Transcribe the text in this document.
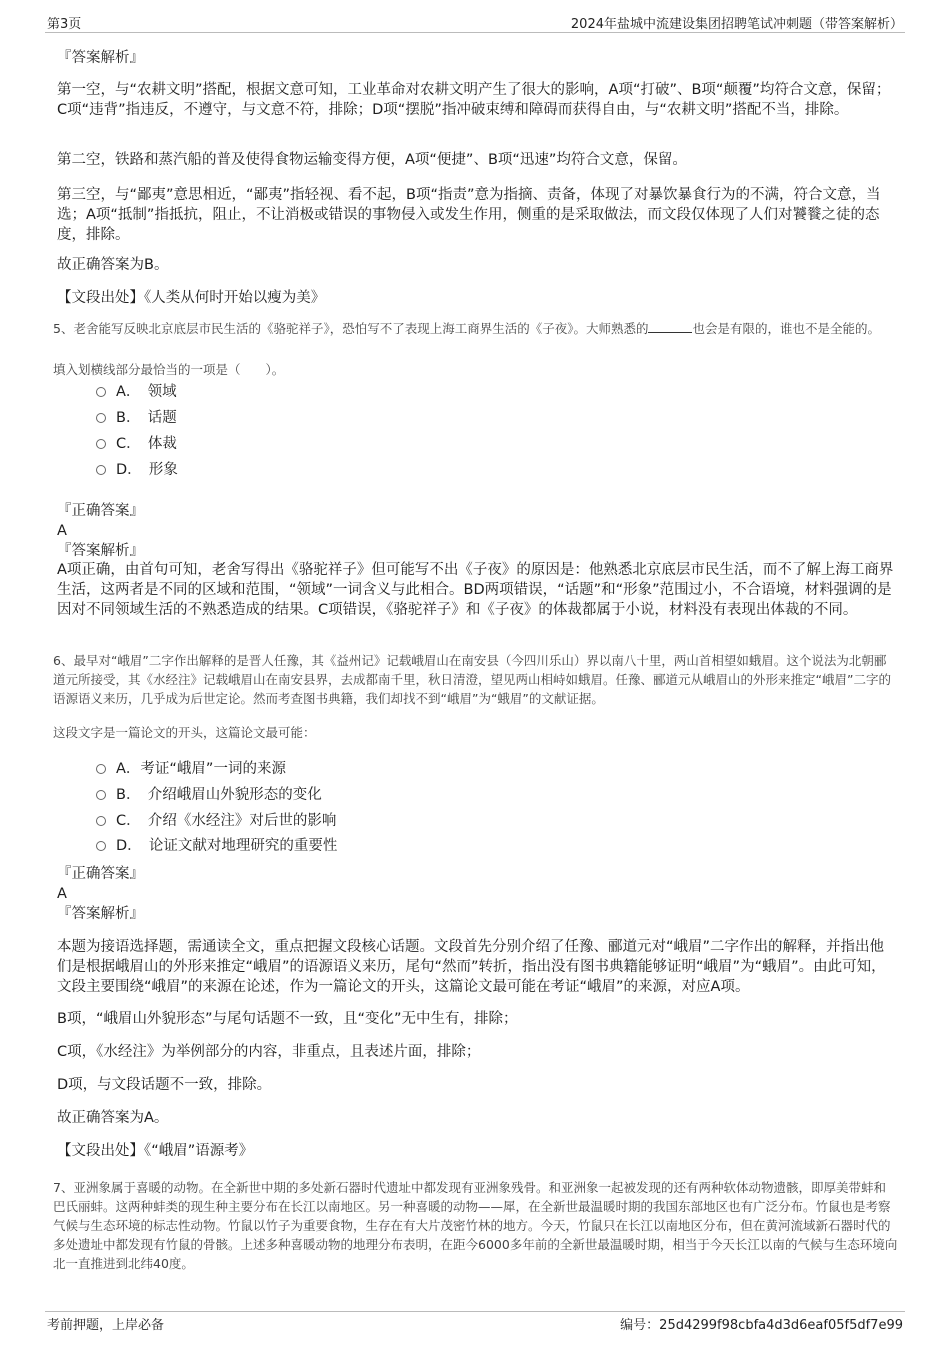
第3页	2024年盐城中流建设集团招聘笔试冲刺题（带答案解析）
『答案解析』
第一空，与“农耕文明”搭配，根据文意可知，工业革命对农耕文明产生了很大的影响，A项“打破”、B项“颠覆”均符合文意，保留；C项“违背”指违反，不遵守，与文意不符，排除；D项“摆脱”指冲破束缚和障碍而获得自由，与“农耕文明”搭配不当，排除。
第二空，铁路和蒸汽船的普及使得食物运输变得方便，A项“便捷”、B项“迅速”均符合文意，保留。
第三空，与“鄙夷”意思相近，“鄙夷”指轻视、看不起，B项“指责”意为指摘、责备，体现了对暴饮暴食行为的不满，符合文意，当选；A项“抵制”指抵抗，阻止，不让消极或错误的事物侵入或发生作用，侧重的是采取做法，而文段仅体现了人们对饕餮之徒的态度，排除。
故正确答案为B。
【文段出处】《人类从何时开始以瘦为美》
5、老舍能写反映北京底层市民生活的《骆驼祥子》，恐怕写不了表现上海工商界生活的《子夜》。大师熟悉的	也会是有限的，谁也不是全能的。
填入划横线部分最恰当的一项是（　　）。
A．　领域
B．　话题
C．　体裁
D．　形象
『正确答案』
A
『答案解析』
A项正确，由首句可知，老舍写得出《骆驼祥子》但可能写不出《子夜》的原因是：他熟悉北京底层市民生活，而不了解上海工商界生活，这两者是不同的区域和范围，“领域”一词含义与此相合。BD两项错误，“话题”和“形象”范围过小，不合语境，材料强调的是因对不同领域生活的不熟悉造成的结果。C项错误，《骆驼祥子》和《子夜》的体裁都属于小说，材料没有表现出体裁的不同。
6、最早对“峨眉”二字作出解释的是晋人任豫，其《益州记》记载峨眉山在南安县（今四川乐山）界以南八十里，两山首相望如蛾眉。这个说法为北朝郦道元所接受，其《水经注》记载峨眉山在南安县界，去成都南千里，秋日清澄，望见两山相峙如蛾眉。任豫、郦道元从峨眉山的外形来推定“峨眉”二字的语源语义来历，几乎成为后世定论。然而考查图书典籍，我们却找不到“峨眉”为“蛾眉”的文献证据。
这段文字是一篇论文的开头，这篇论文最可能：
A．考证“峨眉”一词的来源
B．　介绍峨眉山外貌形态的变化
C．　介绍《水经注》对后世的影响
D．　论证文献对地理研究的重要性
『正确答案』
A
『答案解析』
本题为接语选择题，需通读全文，重点把握文段核心话题。文段首先分别介绍了任豫、郦道元对“峨眉”二字作出的解释，并指出他们是根据峨眉山的外形来推定“峨眉”的语源语义来历，尾句“然而”转折，指出没有图书典籍能够证明“峨眉”为“蛾眉”。由此可知，文段主要围绕“峨眉”的来源在论述，作为一篇论文的开头，这篇论文最可能在考证“峨眉”的来源，对应A项。
B项，“峨眉山外貌形态”与尾句话题不一致，且“变化”无中生有，排除；
C项，《水经注》为举例部分的内容，非重点，且表述片面，排除；
D项，与文段话题不一致，排除。
故正确答案为A。
【文段出处】《“峨眉”语源考》
7、亚洲象属于喜暖的动物。在全新世中期的多处新石器时代遗址中都发现有亚洲象残骨。和亚洲象一起被发现的还有两种软体动物遗骸，即厚美带蚌和巴氏丽蚌。这两种蚌类的现生种主要分布在长江以南地区。另一种喜暖的动物——犀，在全新世最温暖时期的我国东部地区也有广泛分布。竹鼠也是考察气候与生态环境的标志性动物。竹鼠以竹子为重要食物，生存在有大片茂密竹林的地方。今天，竹鼠只在长江以南地区分布，但在黄河流域新石器时代的多处遗址中都发现有竹鼠的骨骸。上述多种喜暖动物的地理分布表明，在距今6000多年前的全新世最温暖时期，相当于今天长江以南的气候与生态环境向北一直推进到北纬40度。
考前押题，上岸必备	编号：25d4299f98cbfa4d3d6eaf05f5df7e99
